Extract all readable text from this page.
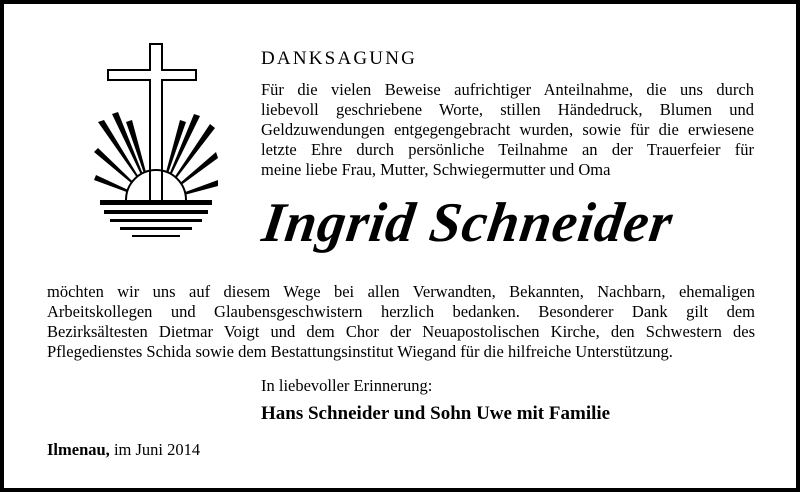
DANKSAGUNG
Für die vielen Beweise aufrichtiger Anteilnahme, die uns durch
liebevoll geschriebene Worte, stillen Händedruck, Blumen und
Geldzuwendungen entgegengebracht wurden, sowie für die erwiesene
letzte Ehre durch persönliche Teilnahme an der Trauerfeier für
meine liebe Frau, Mutter, Schwiegermutter und Oma
Ingrid Schneider
möchten wir uns auf diesem Wege bei allen Verwandten, Bekannten, Nachbarn, ehemaligen
Arbeitskollegen und Glaubensgeschwistern herzlich bedanken. Besonderer Dank gilt dem
Bezirksältesten Dietmar Voigt und dem Chor der Neuapostolischen Kirche, den Schwestern des
Pflegedienstes Schida sowie dem Bestattungsinstitut Wiegand für die hilfreiche Unterstützung.
In liebevoller Erinnerung:
Hans Schneider und Sohn Uwe mit Familie
Ilmenau, im Juni 2014
